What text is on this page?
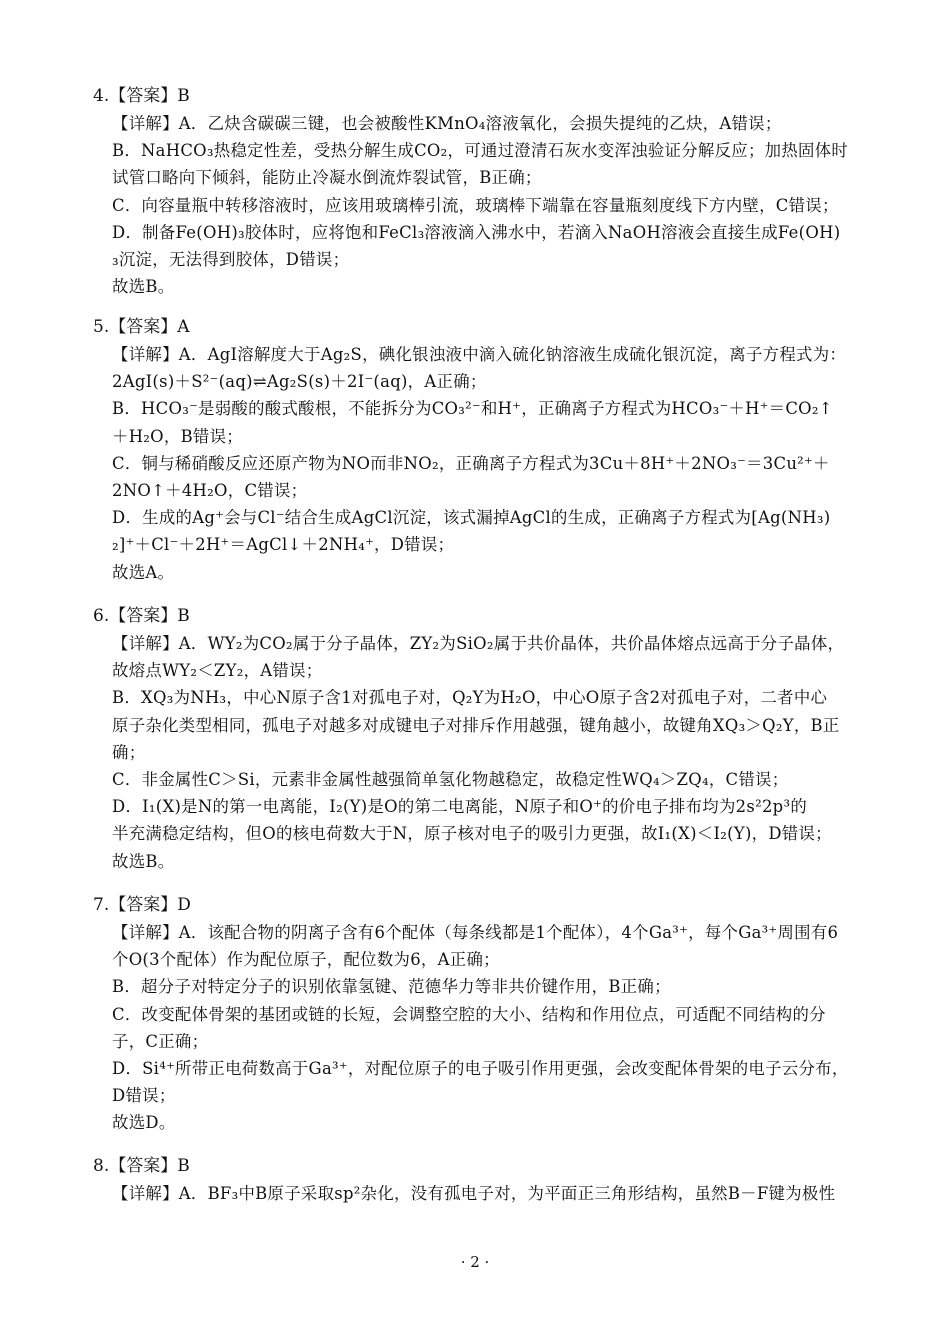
4.【答案】B
【详解】A．乙炔含碳碳三键，也会被酸性KMnO₄溶液氧化，会损失提纯的乙炔，A错误；
B．NaHCO₃热稳定性差，受热分解生成CO₂，可通过澄清石灰水变浑浊验证分解反应；加热固体时
试管口略向下倾斜，能防止冷凝水倒流炸裂试管，B正确；
C．向容量瓶中转移溶液时，应该用玻璃棒引流，玻璃棒下端靠在容量瓶刻度线下方内壁，C错误；
D．制备Fe(OH)₃胶体时，应将饱和FeCl₃溶液滴入沸水中，若滴入NaOH溶液会直接生成Fe(OH)
₃沉淀，无法得到胶体，D错误；
故选B。
5.【答案】A
【详解】A．AgI溶解度大于Ag₂S，碘化银浊液中滴入硫化钠溶液生成硫化银沉淀，离子方程式为：
2AgI(s)＋S²⁻(aq)⇌Ag₂S(s)＋2I⁻(aq)，A正确；
B．HCO₃⁻是弱酸的酸式酸根，不能拆分为CO₃²⁻和H⁺，正确离子方程式为HCO₃⁻＋H⁺＝CO₂↑
＋H₂O，B错误；
C．铜与稀硝酸反应还原产物为NO而非NO₂，正确离子方程式为3Cu＋8H⁺＋2NO₃⁻＝3Cu²⁺＋
2NO↑＋4H₂O，C错误；
D．生成的Ag⁺会与Cl⁻结合生成AgCl沉淀，该式漏掉AgCl的生成，正确离子方程式为[Ag(NH₃)
₂]⁺＋Cl⁻＋2H⁺＝AgCl↓＋2NH₄⁺，D错误；
故选A。
6.【答案】B
【详解】A．WY₂为CO₂属于分子晶体，ZY₂为SiO₂属于共价晶体，共价晶体熔点远高于分子晶体，
故熔点WY₂＜ZY₂，A错误；
B．XQ₃为NH₃，中心N原子含1对孤电子对，Q₂Y为H₂O，中心O原子含2对孤电子对，二者中心
原子杂化类型相同，孤电子对越多对成键电子对排斥作用越强，键角越小，故键角XQ₃＞Q₂Y，B正
确；
C．非金属性C＞Si，元素非金属性越强简单氢化物越稳定，故稳定性WQ₄＞ZQ₄，C错误；
D．I₁(X)是N的第一电离能，I₂(Y)是O的第二电离能，N原子和O⁺的价电子排布均为2s²2p³的
半充满稳定结构，但O的核电荷数大于N，原子核对电子的吸引力更强，故I₁(X)＜I₂(Y)，D错误；
故选B。
7.【答案】D
【详解】A．该配合物的阴离子含有6个配体（每条线都是1个配体），4个Ga³⁺，每个Ga³⁺周围有6
个O(3个配体）作为配位原子，配位数为6，A正确；
B．超分子对特定分子的识别依靠氢键、范德华力等非共价键作用，B正确；
C．改变配体骨架的基团或链的长短，会调整空腔的大小、结构和作用位点，可适配不同结构的分
子，C正确；
D．Si⁴⁺所带正电荷数高于Ga³⁺，对配位原子的电子吸引作用更强，会改变配体骨架的电子云分布，
D错误；
故选D。
8.【答案】B
【详解】A．BF₃中B原子采取sp²杂化，没有孤电子对，为平面正三角形结构，虽然B－F键为极性
· 2 ·
